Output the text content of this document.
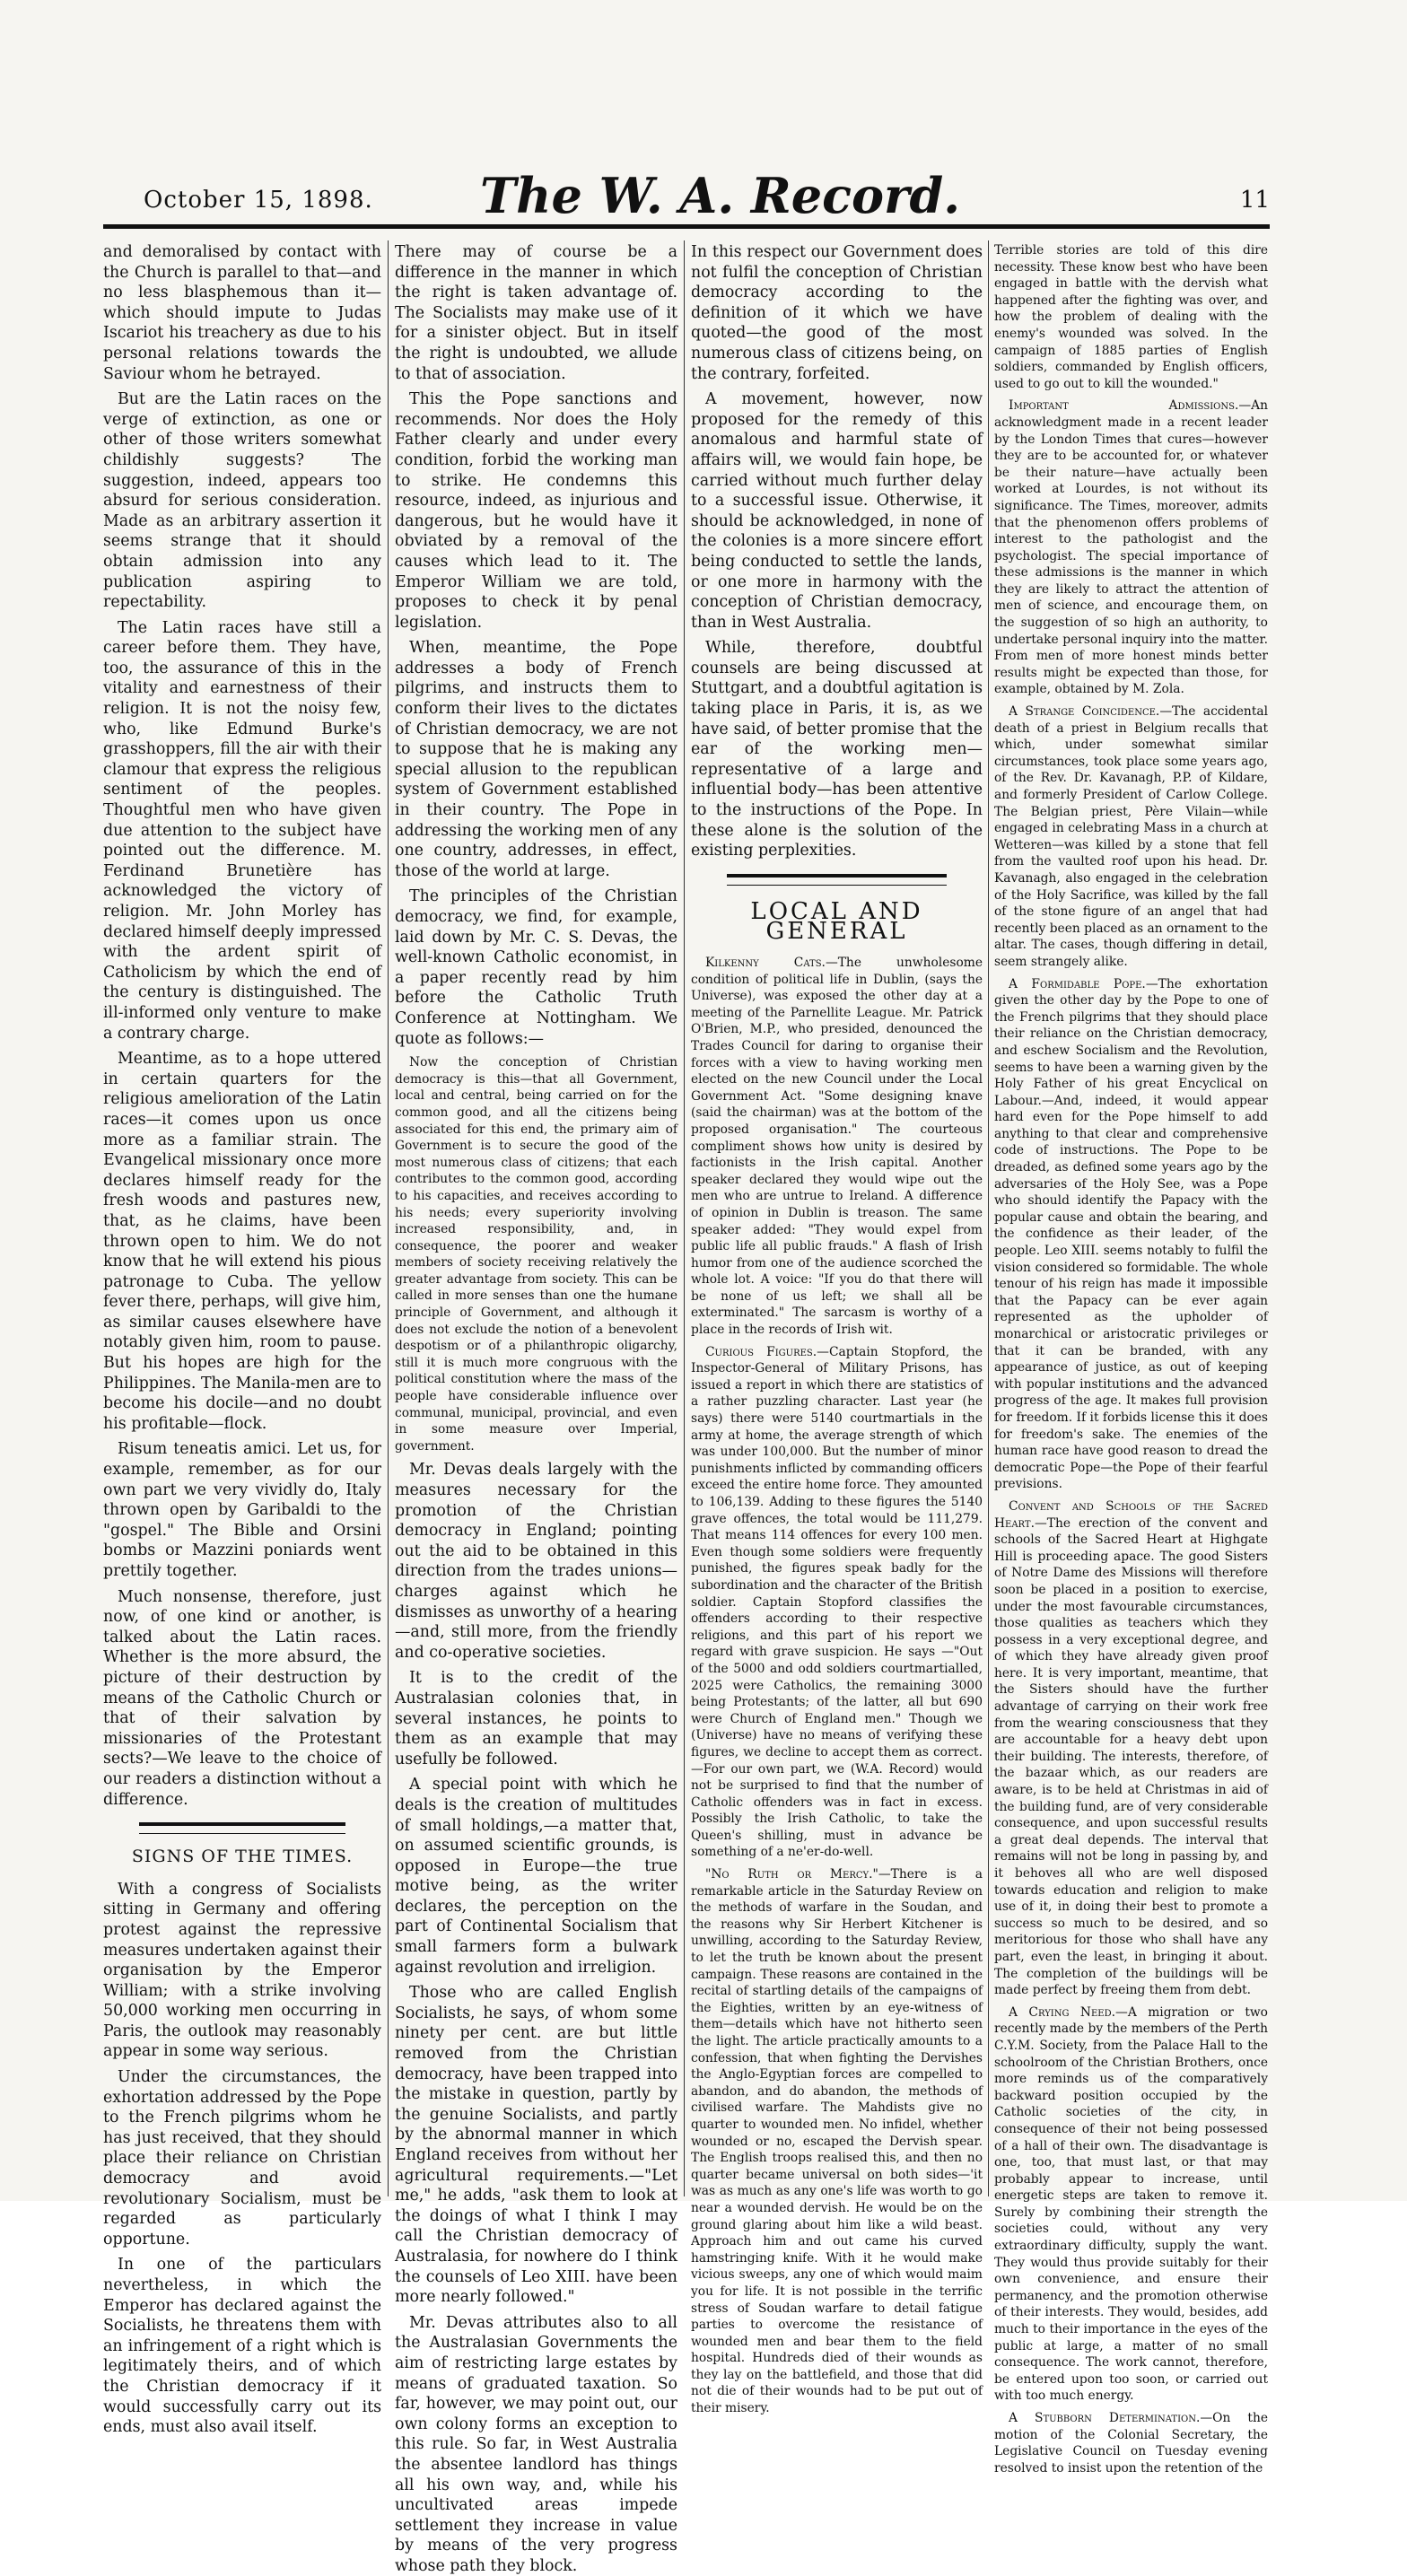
October 15, 1898. The W. A. Record.	11

and demoralised by contact with the Church is parallel to that—and no less blasphemous than it—which should impute to Judas Iscariot his treachery as due to his personal relations towards the Saviour whom he betrayed.

But are the Latin races on the verge of extinction, as one or other of those writers somewhat childishly suggests? The suggestion, indeed, appears too absurd for serious consideration. Made as an arbitrary assertion it seems strange that it should obtain admission into any publication aspiring to repectability.

The Latin races have still a career before them. They have, too, the assurance of this in the vitality and earnestness of their religion. It is not the noisy few, who, like Edmund Burke's grasshoppers, fill the air with their clamour that express the religious sentiment of the peoples. Thoughtful men who have given due attention to the subject have pointed out the difference. M. Ferdinand Brunetière has acknowledged the victory of religion. Mr. John Morley has declared himself deeply impressed with the ardent spirit of Catholicism by which the end of the century is distinguished. The ill-informed only venture to make a contrary charge.

Meantime, as to a hope uttered in certain quarters for the religious amelioration of the Latin races—it comes upon us once more as a familiar strain. The Evangelical missionary once more declares himself ready for the fresh woods and pastures new, that, as he claims, have been thrown open to him. We do not know that he will extend his pious patronage to Cuba. The yellow fever there, perhaps, will give him, as similar causes elsewhere have notably given him, room to pause. But his hopes are high for the Philippines. The Manila-men are to become his docile—and no doubt his profitable—flock.

Risum teneatis amici. Let us, for example, remember, as for our own part we very vividly do, Italy thrown open by Garibaldi to the "gospel." The Bible and Orsini bombs or Mazzini poniards went prettily together.

Much nonsense, therefore, just now, of one kind or another, is talked about the Latin races. Whether is the more absurd, the picture of their destruction by means of the Catholic Church or that of their salvation by missionaries of the Protestant sects?—We leave to the choice of our readers a distinction without a difference.

SIGNS OF THE TIMES.

With a congress of Socialists sitting in Germany and offering protest against the repressive measures undertaken against their organisation by the Emperor William; with a strike involving 50,000 working men occurring in Paris, the outlook may reasonably appear in some way serious.

Under the circumstances, the exhortation addressed by the Pope to the French pilgrims whom he has just received, that they should place their reliance on Christian democracy and avoid revolutionary Socialism, must be regarded as particularly opportune.

In one of the particulars nevertheless, in which the Emperor has declared against the Socialists, he threatens them with an infringement of a right which is legitimately theirs, and of which the Christian democracy if it would successfully carry out its ends, must also avail itself.

There may of course be a difference in the manner in which the right is taken advantage of. The Socialists may make use of it for a sinister object. But in itself the right is undoubted, we allude to that of association.

This the Pope sanctions and recommends. Nor does the Holy Father clearly and under every condition, forbid the working man to strike. He condemns this resource, indeed, as injurious and dangerous, but he would have it obviated by a removal of the causes which lead to it. The Emperor William we are told, proposes to check it by penal legislation.

When, meantime, the Pope addresses a body of French pilgrims, and instructs them to conform their lives to the dictates of Christian democracy, we are not to suppose that he is making any special allusion to the republican system of Government established in their country. The Pope in addressing the working men of any one country, addresses, in effect, those of the world at large.

The principles of the Christian democracy, we find, for example, laid down by Mr. C. S. Devas, the well-known Catholic economist, in a paper recently read by him before the Catholic Truth Conference at Nottingham. We quote as follows:—

Now the conception of Christian democracy is this—that all Government, local and central, being carried on for the common good, and all the citizens being associated for this end, the primary aim of Government is to secure the good of the most numerous class of citizens; that each contributes to the common good, according to his capacities, and receives according to his needs; every superiority involving increased responsibility, and, in consequence, the poorer and weaker members of society receiving relatively the greater advantage from society. This can be called in more senses than one the humane principle of Government, and although it does not exclude the notion of a benevolent despotism or of a philanthropic oligarchy, still it is much more congruous with the political constitution where the mass of the people have considerable influence over communal, municipal, provincial, and even in some measure over Imperial, government.

Mr. Devas deals largely with the measures necessary for the promotion of the Christian democracy in England; pointing out the aid to be obtained in this direction from the trades unions—charges against which he dismisses as unworthy of a hearing—and, still more, from the friendly and co-operative societies.

It is to the credit of the Australasian colonies that, in several instances, he points to them as an example that may usefully be followed.

A special point with which he deals is the creation of multitudes of small holdings,—a matter that, on assumed scientific grounds, is opposed in Europe—the true motive being, as the writer declares, the perception on the part of Continental Socialism that small farmers form a bulwark against revolution and irreligion.

Those who are called English Socialists, he says, of whom some ninety per cent. are but little removed from the Christian democracy, have been trapped into the mistake in question, partly by the genuine Socialists, and partly by the abnormal manner in which England receives from without her agricultural requirements.—"Let me," he adds, "ask them to look at the doings of what I think I may call the Christian democracy of Australasia, for nowhere do I think the counsels of Leo XIII. have been more nearly followed."

Mr. Devas attributes also to all the Australasian Governments the aim of restricting large estates by means of graduated taxation. So far, however, we may point out, our own colony forms an exception to this rule. So far, in West Australia the absentee landlord has things all his own way, and, while his uncultivated areas impede settlement they increase in value by means of the very progress whose path they block.

In this respect our Government does not fulfil the conception of Christian democracy according to the definition of it which we have quoted—the good of the most numerous class of citizens being, on the contrary, forfeited.

A movement, however, now proposed for the remedy of this anomalous and harmful state of affairs will, we would fain hope, be carried without much further delay to a successful issue. Otherwise, it should be acknowledged, in none of the colonies is a more sincere effort being conducted to settle the lands, or one more in harmony with the conception of Christian democracy, than in West Australia.

While, therefore, doubtful counsels are being discussed at Stuttgart, and a doubtful agitation is taking place in Paris, it is, as we have said, of better promise that the ear of the working men—representative of a large and influential body—has been attentive to the instructions of the Pope. In these alone is the solution of the existing perplexities.

LOCAL AND GENERAL

Kilkenny Cats.—The unwholesome condition of political life in Dublin, (says the Universe), was exposed the other day at a meeting of the Parnellite League. Mr. Patrick O'Brien, M.P., who presided, denounced the Trades Council for daring to organise their forces with a view to having working men elected on the new Council under the Local Government Act. "Some designing knave (said the chairman) was at the bottom of the proposed organisation." The courteous compliment shows how unity is desired by factionists in the Irish capital. Another speaker declared they would wipe out the men who are untrue to Ireland. A difference of opinion in Dublin is treason. The same speaker added: "They would expel from public life all public frauds." A flash of Irish humor from one of the audience scorched the whole lot. A voice: "If you do that there will be none of us left; we shall all be exterminated." The sarcasm is worthy of a place in the records of Irish wit.

Curious Figures.—Captain Stopford, the Inspector-General of Military Prisons, has issued a report in which there are statistics of a rather puzzling character. Last year (he says) there were 5140 courtmartials in the army at home, the average strength of which was under 100,000. But the number of minor punishments inflicted by commanding officers exceed the entire home force. They amounted to 106,139. Adding to these figures the 5140 grave offences, the total would be 111,279. That means 114 offences for every 100 men. Even though some soldiers were frequently punished, the figures speak badly for the subordination and the character of the British soldier. Captain Stopford classifies the offenders according to their respective religions, and this part of his report we regard with grave suspicion. He says —"Out of the 5000 and odd soldiers courtmartialled, 2025 were Catholics, the remaining 3000 being Protestants; of the latter, all but 690 were Church of England men." Though we (Universe) have no means of verifying these figures, we decline to accept them as correct.—For our own part, we (W.A. Record) would not be surprised to find that the number of Catholic offenders was in fact in excess. Possibly the Irish Catholic, to take the Queen's shilling, must in advance be something of a ne'er-do-well.

"No Ruth or Mercy."—There is a remarkable article in the Saturday Review on the methods of warfare in the Soudan, and the reasons why Sir Herbert Kitchener is unwilling, according to the Saturday Review, to let the truth be known about the present campaign. These reasons are contained in the recital of startling details of the campaigns of the Eighties, written by an eye-witness of them—details which have not hitherto seen the light. The article practically amounts to a confession, that when fighting the Dervishes the Anglo-Egyptian forces are compelled to abandon, and do abandon, the methods of civilised warfare. The Mahdists give no quarter to wounded men. No infidel, whether wounded or no, escaped the Dervish spear. The English troops realised this, and then no quarter became universal on both sides—'it was as much as any one's life was worth to go near a wounded dervish. He would be on the ground glaring about him like a wild beast. Approach him and out came his curved hamstringing knife. With it he would make vicious sweeps, any one of which would maim you for life. It is not possible in the terrific stress of Soudan warfare to detail fatigue parties to overcome the resistance of wounded men and bear them to the field hospital. Hundreds died of their wounds as they lay on the battlefield, and those that did not die of their wounds had to be put out of their misery.

Terrible stories are told of this dire necessity. These know best who have been engaged in battle with the dervish what happened after the fighting was over, and how the problem of dealing with the enemy's wounded was solved. In the campaign of 1885 parties of English soldiers, commanded by English officers, used to go out to kill the wounded."

Important Admissions.—An acknowledgment made in a recent leader by the London Times that cures—however they are to be accounted for, or whatever be their nature—have actually been worked at Lourdes, is not without its significance. The Times, moreover, admits that the phenomenon offers problems of interest to the pathologist and the psychologist. The special importance of these admissions is the manner in which they are likely to attract the attention of men of science, and encourage them, on the suggestion of so high an authority, to undertake personal inquiry into the matter. From men of more honest minds better results might be expected than those, for example, obtained by M. Zola.

A Strange Coincidence.—The accidental death of a priest in Belgium recalls that which, under somewhat similar circumstances, took place some years ago, of the Rev. Dr. Kavanagh, P.P. of Kildare, and formerly President of Carlow College. The Belgian priest, Père Vilain—while engaged in celebrating Mass in a church at Wetteren—was killed by a stone that fell from the vaulted roof upon his head. Dr. Kavanagh, also engaged in the celebration of the Holy Sacrifice, was killed by the fall of the stone figure of an angel that had recently been placed as an ornament to the altar. The cases, though differing in detail, seem strangely alike.

A Formidable Pope.—The exhortation given the other day by the Pope to one of the French pilgrims that they should place their reliance on the Christian democracy, and eschew Socialism and the Revolution, seems to have been a warning given by the Holy Father of his great Encyclical on Labour.—And, indeed, it would appear hard even for the Pope himself to add anything to that clear and comprehensive code of instructions. The Pope to be dreaded, as defined some years ago by the adversaries of the Holy See, was a Pope who should identify the Papacy with the popular cause and obtain the bearing, and the confidence as their leader, of the people. Leo XIII. seems notably to fulfil the vision considered so formidable. The whole tenour of his reign has made it impossible that the Papacy can be ever again represented as the upholder of monarchical or aristocratic privileges or that it can be branded, with any appearance of justice, as out of keeping with popular institutions and the advanced progress of the age. It makes full provision for freedom. If it forbids license this it does for freedom's sake. The enemies of the human race have good reason to dread the democratic Pope—the Pope of their fearful previsions.

Convent and Schools of the Sacred Heart.—The erection of the convent and schools of the Sacred Heart at Highgate Hill is proceeding apace. The good Sisters of Notre Dame des Missions will therefore soon be placed in a position to exercise, under the most favourable circumstances, those qualities as teachers which they possess in a very exceptional degree, and of which they have already given proof here. It is very important, meantime, that the Sisters should have the further advantage of carrying on their work free from the wearing consciousness that they are accountable for a heavy debt upon their building. The interests, therefore, of the bazaar which, as our readers are aware, is to be held at Christmas in aid of the building fund, are of very considerable consequence, and upon successful results a great deal depends. The interval that remains will not be long in passing by, and it behoves all who are well disposed towards education and religion to make use of it, in doing their best to promote a success so much to be desired, and so meritorious for those who shall have any part, even the least, in bringing it about. The completion of the buildings will be made perfect by freeing them from debt.

A Crying Need.—A migration or two recently made by the members of the Perth C.Y.M. Society, from the Palace Hall to the schoolroom of the Christian Brothers, once more reminds us of the comparatively backward position occupied by the Catholic societies of the city, in consequence of their not being possessed of a hall of their own. The disadvantage is one, too, that must last, or that may probably appear to increase, until energetic steps are taken to remove it. Surely by combining their strength the societies could, without any very extraordinary difficulty, supply the want. They would thus provide suitably for their own convenience, and ensure their permanency, and the promotion otherwise of their interests. They would, besides, add much to their importance in the eyes of the public at large, a matter of no small consequence. The work cannot, therefore, be entered upon too soon, or carried out with too much energy.

A Stubborn Determination.—On the motion of the Colonial Secretary, the Legislative Council on Tuesday evening resolved to insist upon the retention of the
